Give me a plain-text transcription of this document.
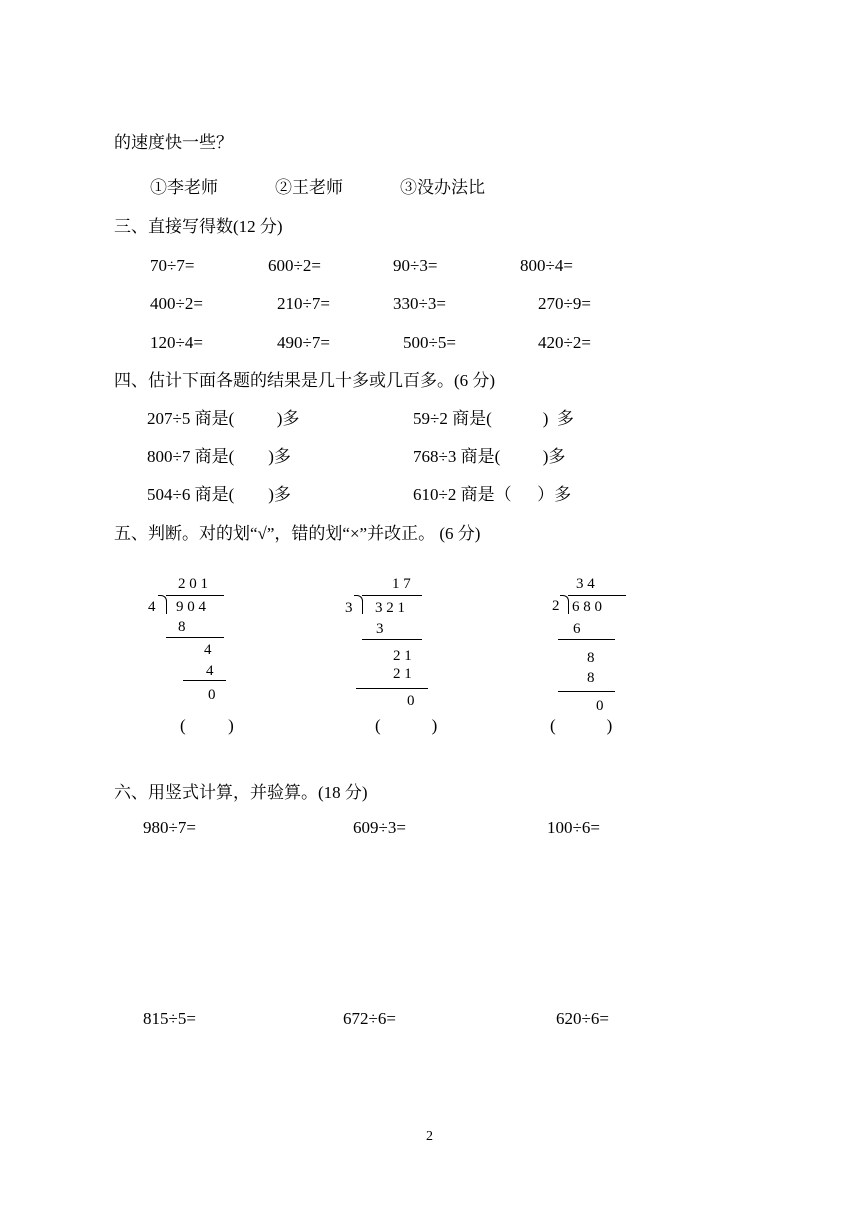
的速度快一些？
①李老师	②王老师	③没办法比
三、直接写得数(12 分)
70÷7=	600÷2=	90÷3=	800÷4=
400÷2=	210÷7=	330÷3=	270÷9=
120÷4=	490÷7=	500÷5=	420÷2=
四、估计下面各题的结果是几十多或几百多。(6 分)
207÷5 商是(          )多	59÷2 商是(            )  多
800÷7 商是(        )多	768÷3 商是(          )多
504÷6 商是(        )多	610÷2 商是（      ）多
五、判断。对的划“√”，错的划“×”并改正。 (6 分)
2 0 1
4 9 0 4
8
4
4
0
(          )
1 7
3 3 2 1
3
2 1
2 1
0
(            )
3 4
2 6 8 0
6
8
8
0
(            )
六、用竖式计算，并验算。(18 分)
980÷7=	609÷3=	100÷6=
815÷5=	672÷6=	620÷6=
2
